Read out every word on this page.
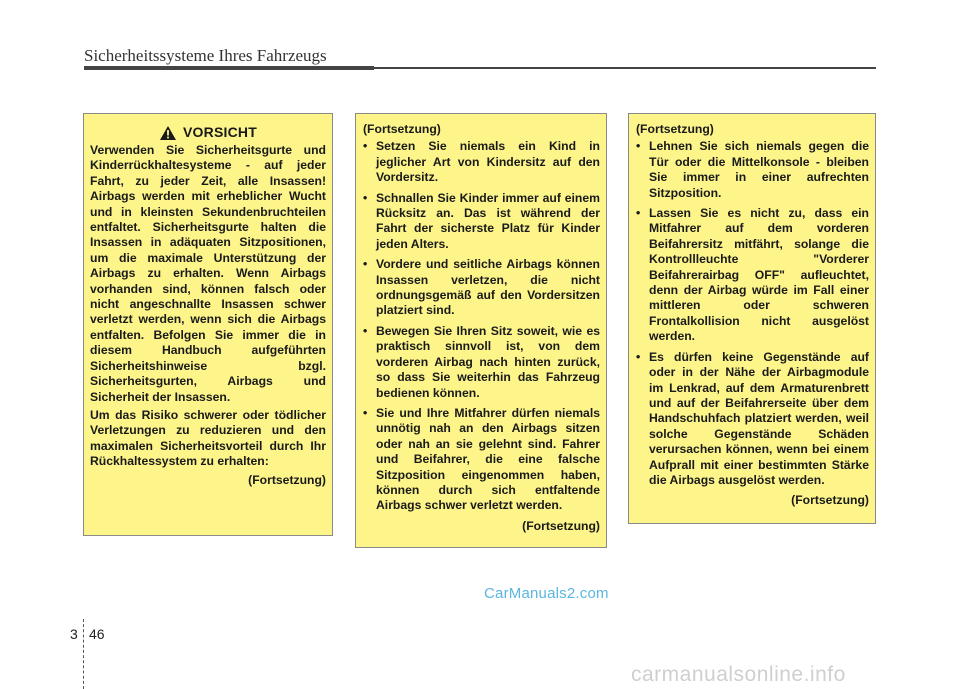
Sicherheitssysteme Ihres Fahrzeugs
VORSICHT

Verwenden Sie Sicherheitsgurte und Kinderrückhaltesysteme - auf jeder Fahrt, zu jeder Zeit, alle Insassen! Airbags werden mit erheblicher Wucht und in kleinsten Sekundenbruchteilen entfaltet. Sicherheitsgurte halten die Insassen in adäquaten Sitzpositionen, um die maximale Unterstützung der Airbags zu erhalten. Wenn Airbags vorhanden sind, können falsch oder nicht angeschnallte Insassen schwer verletzt werden, wenn sich die Airbags entfalten. Befolgen Sie immer die in diesem Handbuch aufgeführten Sicherheitshinweise bzgl. Sicherheitsgurten, Airbags und Sicherheit der Insassen.

Um das Risiko schwerer oder tödlicher Verletzungen zu reduzieren und den maximalen Sicherheitsvorteil durch Ihr Rückhaltessystem zu erhalten:

(Fortsetzung)
(Fortsetzung)
• Setzen Sie niemals ein Kind in jeglicher Art von Kindersitz auf den Vordersitz.
• Schnallen Sie Kinder immer auf einem Rücksitz an. Das ist während der Fahrt der sicherste Platz für Kinder jeden Alters.
• Vordere und seitliche Airbags können Insassen verletzen, die nicht ordnungsgemäß auf den Vordersitzen platziert sind.
• Bewegen Sie Ihren Sitz soweit, wie es praktisch sinnvoll ist, von dem vorderen Airbag nach hinten zurück, so dass Sie weiterhin das Fahrzeug bedienen können.
• Sie und Ihre Mitfahrer dürfen niemals unnötig nah an den Airbags sitzen oder nah an sie gelehnt sind. Fahrer und Beifahrer, die eine falsche Sitzposition eingenommen haben, können durch sich entfaltende Airbags schwer verletzt werden.
(Fortsetzung)
(Fortsetzung)
• Lehnen Sie sich niemals gegen die Tür oder die Mittelkonsole - bleiben Sie immer in einer aufrechten Sitzposition.
• Lassen Sie es nicht zu, dass ein Mitfahrer auf dem vorderen Beifahrersitz mitfährt, solange die Kontrollleuchte "Vorderer Beifahrerairbag OFF" aufleuchtet, denn der Airbag würde im Fall einer mittleren oder schweren Frontalkollision nicht ausgelöst werden.
• Es dürfen keine Gegenstände auf oder in der Nähe der Airbagmodule im Lenkrad, auf dem Armaturenbrett und auf der Beifahrerseite über dem Handschuhfach platziert werden, weil solche Gegenstände Schäden verursachen können, wenn bei einem Aufprall mit einer bestimmten Stärke die Airbags ausgelöst werden.
(Fortsetzung)
CarManuals2.com
3 46
carmanualsonline.info
